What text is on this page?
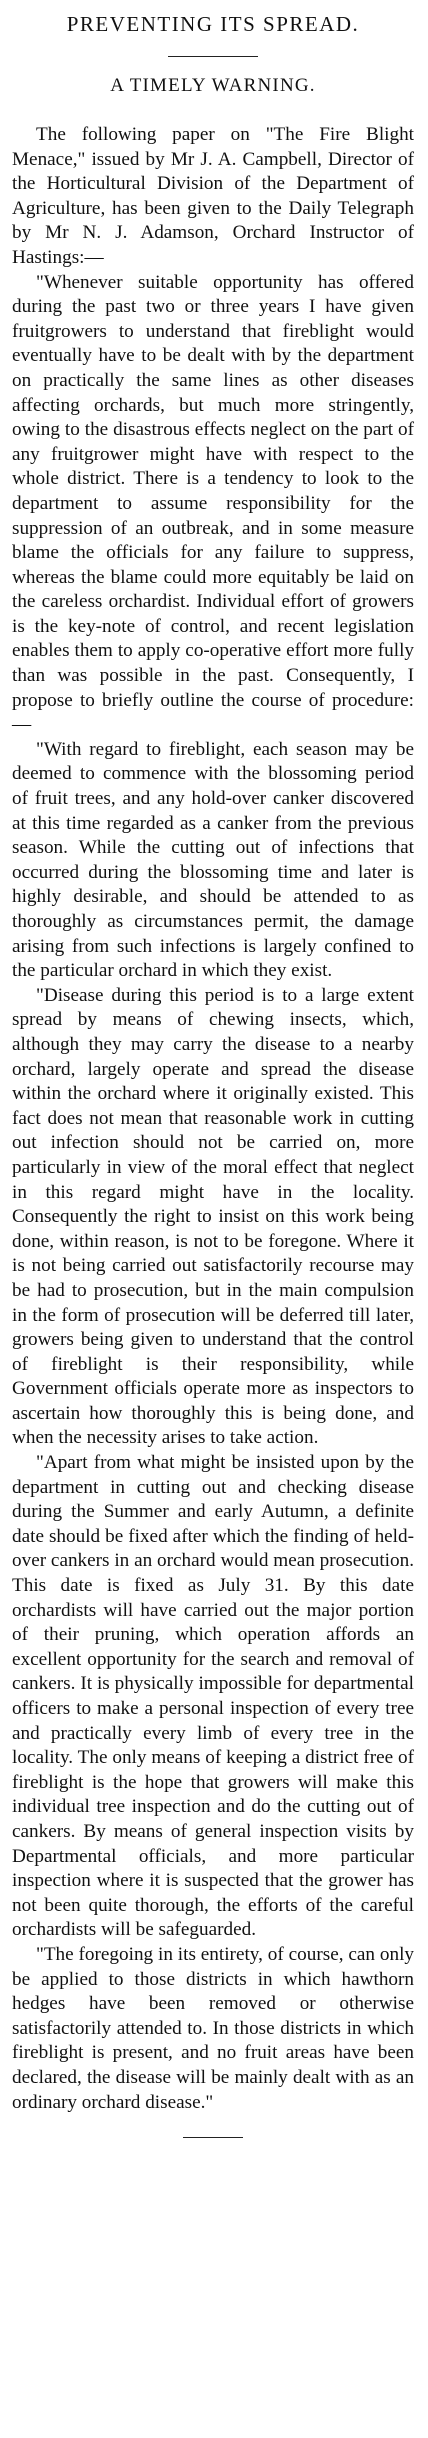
PREVENTING ITS SPREAD.
A TIMELY WARNING.

The following paper on "The Fire Blight Menace," issued by Mr J. A. Campbell, Director of the Horticultural Division of the Department of Agriculture, has been given to the Daily Telegraph by Mr N. J. Adamson, Orchard Instructor of Hastings:—

"Whenever suitable opportunity has offered during the past two or three years I have given fruitgrowers to understand that fireblight would eventually have to be dealt with by the department on practically the same lines as other diseases affecting orchards, but much more stringently, owing to the disastrous effects neglect on the part of any fruitgrower might have with respect to the whole district. There is a tendency to look to the department to assume responsibility for the suppression of an outbreak, and in some measure blame the officials for any failure to suppress, whereas the blame could more equitably be laid on the careless orchardist. Individual effort of growers is the key-note of control, and recent legislation enables them to apply co-operative effort more fully than was possible in the past. Consequently, I propose to briefly outline the course of procedure:—

"With regard to fireblight, each season may be deemed to commence with the blossoming period of fruit trees, and any hold-over canker discovered at this time regarded as a canker from the previous season. While the cutting out of infections that occurred during the blossoming time and later is highly desirable, and should be attended to as thoroughly as circumstances permit, the damage arising from such infections is largely confined to the particular orchard in which they exist.

"Disease during this period is to a large extent spread by means of chewing insects, which, although they may carry the disease to a nearby orchard, largely operate and spread the disease within the orchard where it originally existed. This fact does not mean that reasonable work in cutting out infection should not be carried on, more particularly in view of the moral effect that neglect in this regard might have in the locality. Consequently the right to insist on this work being done, within reason, is not to be foregone. Where it is not being carried out satisfactorily recourse may be had to prosecution, but in the main compulsion in the form of prosecution will be deferred till later, growers being given to understand that the control of fireblight is their responsibility, while Government officials operate more as inspectors to ascertain how thoroughly this is being done, and when the necessity arises to take action.

"Apart from what might be insisted upon by the department in cutting out and checking disease during the Summer and early Autumn, a definite date should be fixed after which the finding of held-over cankers in an orchard would mean prosecution. This date is fixed as July 31. By this date orchardists will have carried out the major portion of their pruning, which operation affords an excellent opportunity for the search and removal of cankers. It is physically impossible for departmental officers to make a personal inspection of every tree and practically every limb of every tree in the locality. The only means of keeping a district free of fireblight is the hope that growers will make this individual tree inspection and do the cutting out of cankers. By means of general inspection visits by Departmental officials, and more particular inspection where it is suspected that the grower has not been quite thorough, the efforts of the careful orchardists will be safeguarded.

"The foregoing in its entirety, of course, can only be applied to those districts in which hawthorn hedges have been removed or otherwise satisfactorily attended to. In those districts in which fireblight is present, and no fruit areas have been declared, the disease will be mainly dealt with as an ordinary orchard disease."
